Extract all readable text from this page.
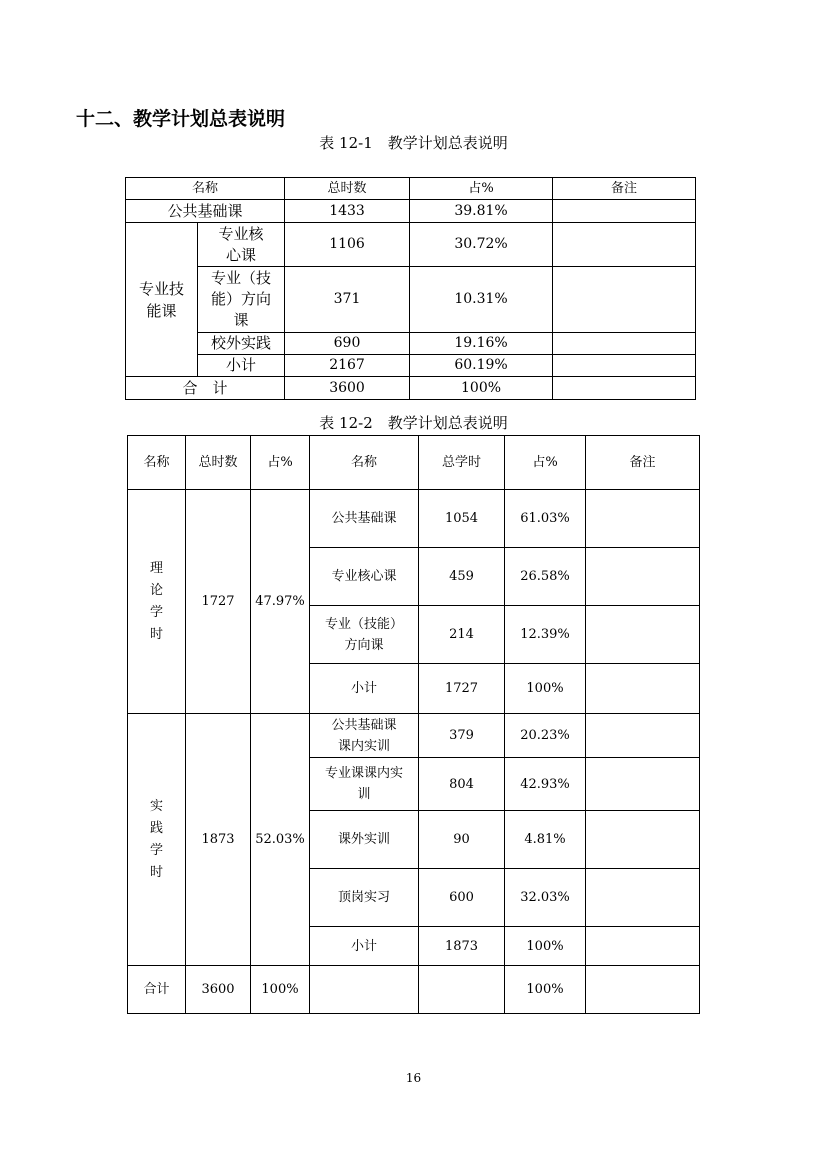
十二、教学计划总表说明
表 12-1　教学计划总表说明
名称		总时数	占%	备注
公共基础课		1433	39.81%	
专业技能课	专业核心课	1106	30.72%	
	专业（技能）方向课	371	10.31%	
	校外实践	690	19.16%	
	小计	2167	60.19%	
合　计		3600	100%	
表 12-2　教学计划总表说明
名称	总时数	占%	名称	总学时	占%	备注
理论学时	1727	47.97%	公共基础课	1054	61.03%	
			专业核心课	459	26.58%	
			专业（技能）方向课	214	12.39%	
			小计	1727	100%	
实践学时	1873	52.03%	公共基础课课内实训	379	20.23%	
			专业课课内实训	804	42.93%	
			课外实训	90	4.81%	
			顶岗实习	600	32.03%	
			小计	1873	100%	
合计	3600	100%			100%	
16
